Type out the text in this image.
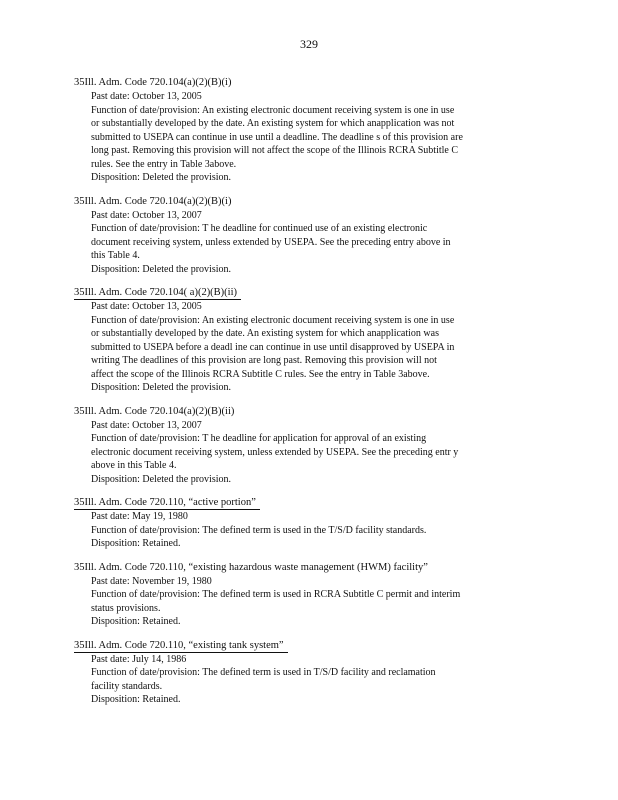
329
35Ill. Adm. Code 720.104(a)(2)(B)(i)
Past date: October 13, 2005
Function of date/provision: An existing electronic document receiving system is one in use
or substantially developed by the date. An existing system for which anapplication was not
submitted to USEPA can continue in use until a deadline. The deadline s of this provision are
long past. Removing this provision will not affect the scope of the Illinois RCRA Subtitle C
rules. See the entry in Table 3above.
Disposition: Deleted the provision.
35Ill. Adm. Code 720.104(a)(2)(B)(i)
Past date: October 13, 2007
Function of date/provision: T he deadline for continued use of an existing electronic
document receiving system, unless extended by USEPA. See the preceding entry above in
this Table 4.
Disposition: Deleted the provision.
35Ill. Adm. Code 720.104( a)(2)(B)(ii)
Past date: October 13, 2005
Function of date/provision: An existing electronic document receiving system is one in use
or substantially developed by the date. An existing system for which anapplication was
submitted to USEPA before a deadl ine can continue in use until disapproved by USEPA in
writing The deadlines of this provision are long past. Removing this provision will not
affect the scope of the Illinois RCRA Subtitle C rules. See the entry in Table 3above.
Disposition: Deleted the provision.
35Ill. Adm. Code 720.104(a)(2)(B)(ii)
Past date: October 13, 2007
Function of date/provision: T he deadline for application for approval of an existing
electronic document receiving system, unless extended by USEPA. See the preceding entr y
above in this Table 4.
Disposition: Deleted the provision.
35Ill. Adm. Code 720.110, “active portion”
Past date: May 19, 1980
Function of date/provision: The defined term is used in the T/S/D facility standards.
Disposition: Retained.
35Ill. Adm. Code 720.110, “existing hazardous waste management (HWM) facility”
Past date: November 19, 1980
Function of date/provision: The defined term is used in RCRA Subtitle C permit and interim
status provisions.
Disposition: Retained.
35Ill. Adm. Code 720.110, “existing tank system”
Past date: July 14, 1986
Function of date/provision: The defined term is used in T/S/D facility and reclamation
facility standards.
Disposition: Retained.
